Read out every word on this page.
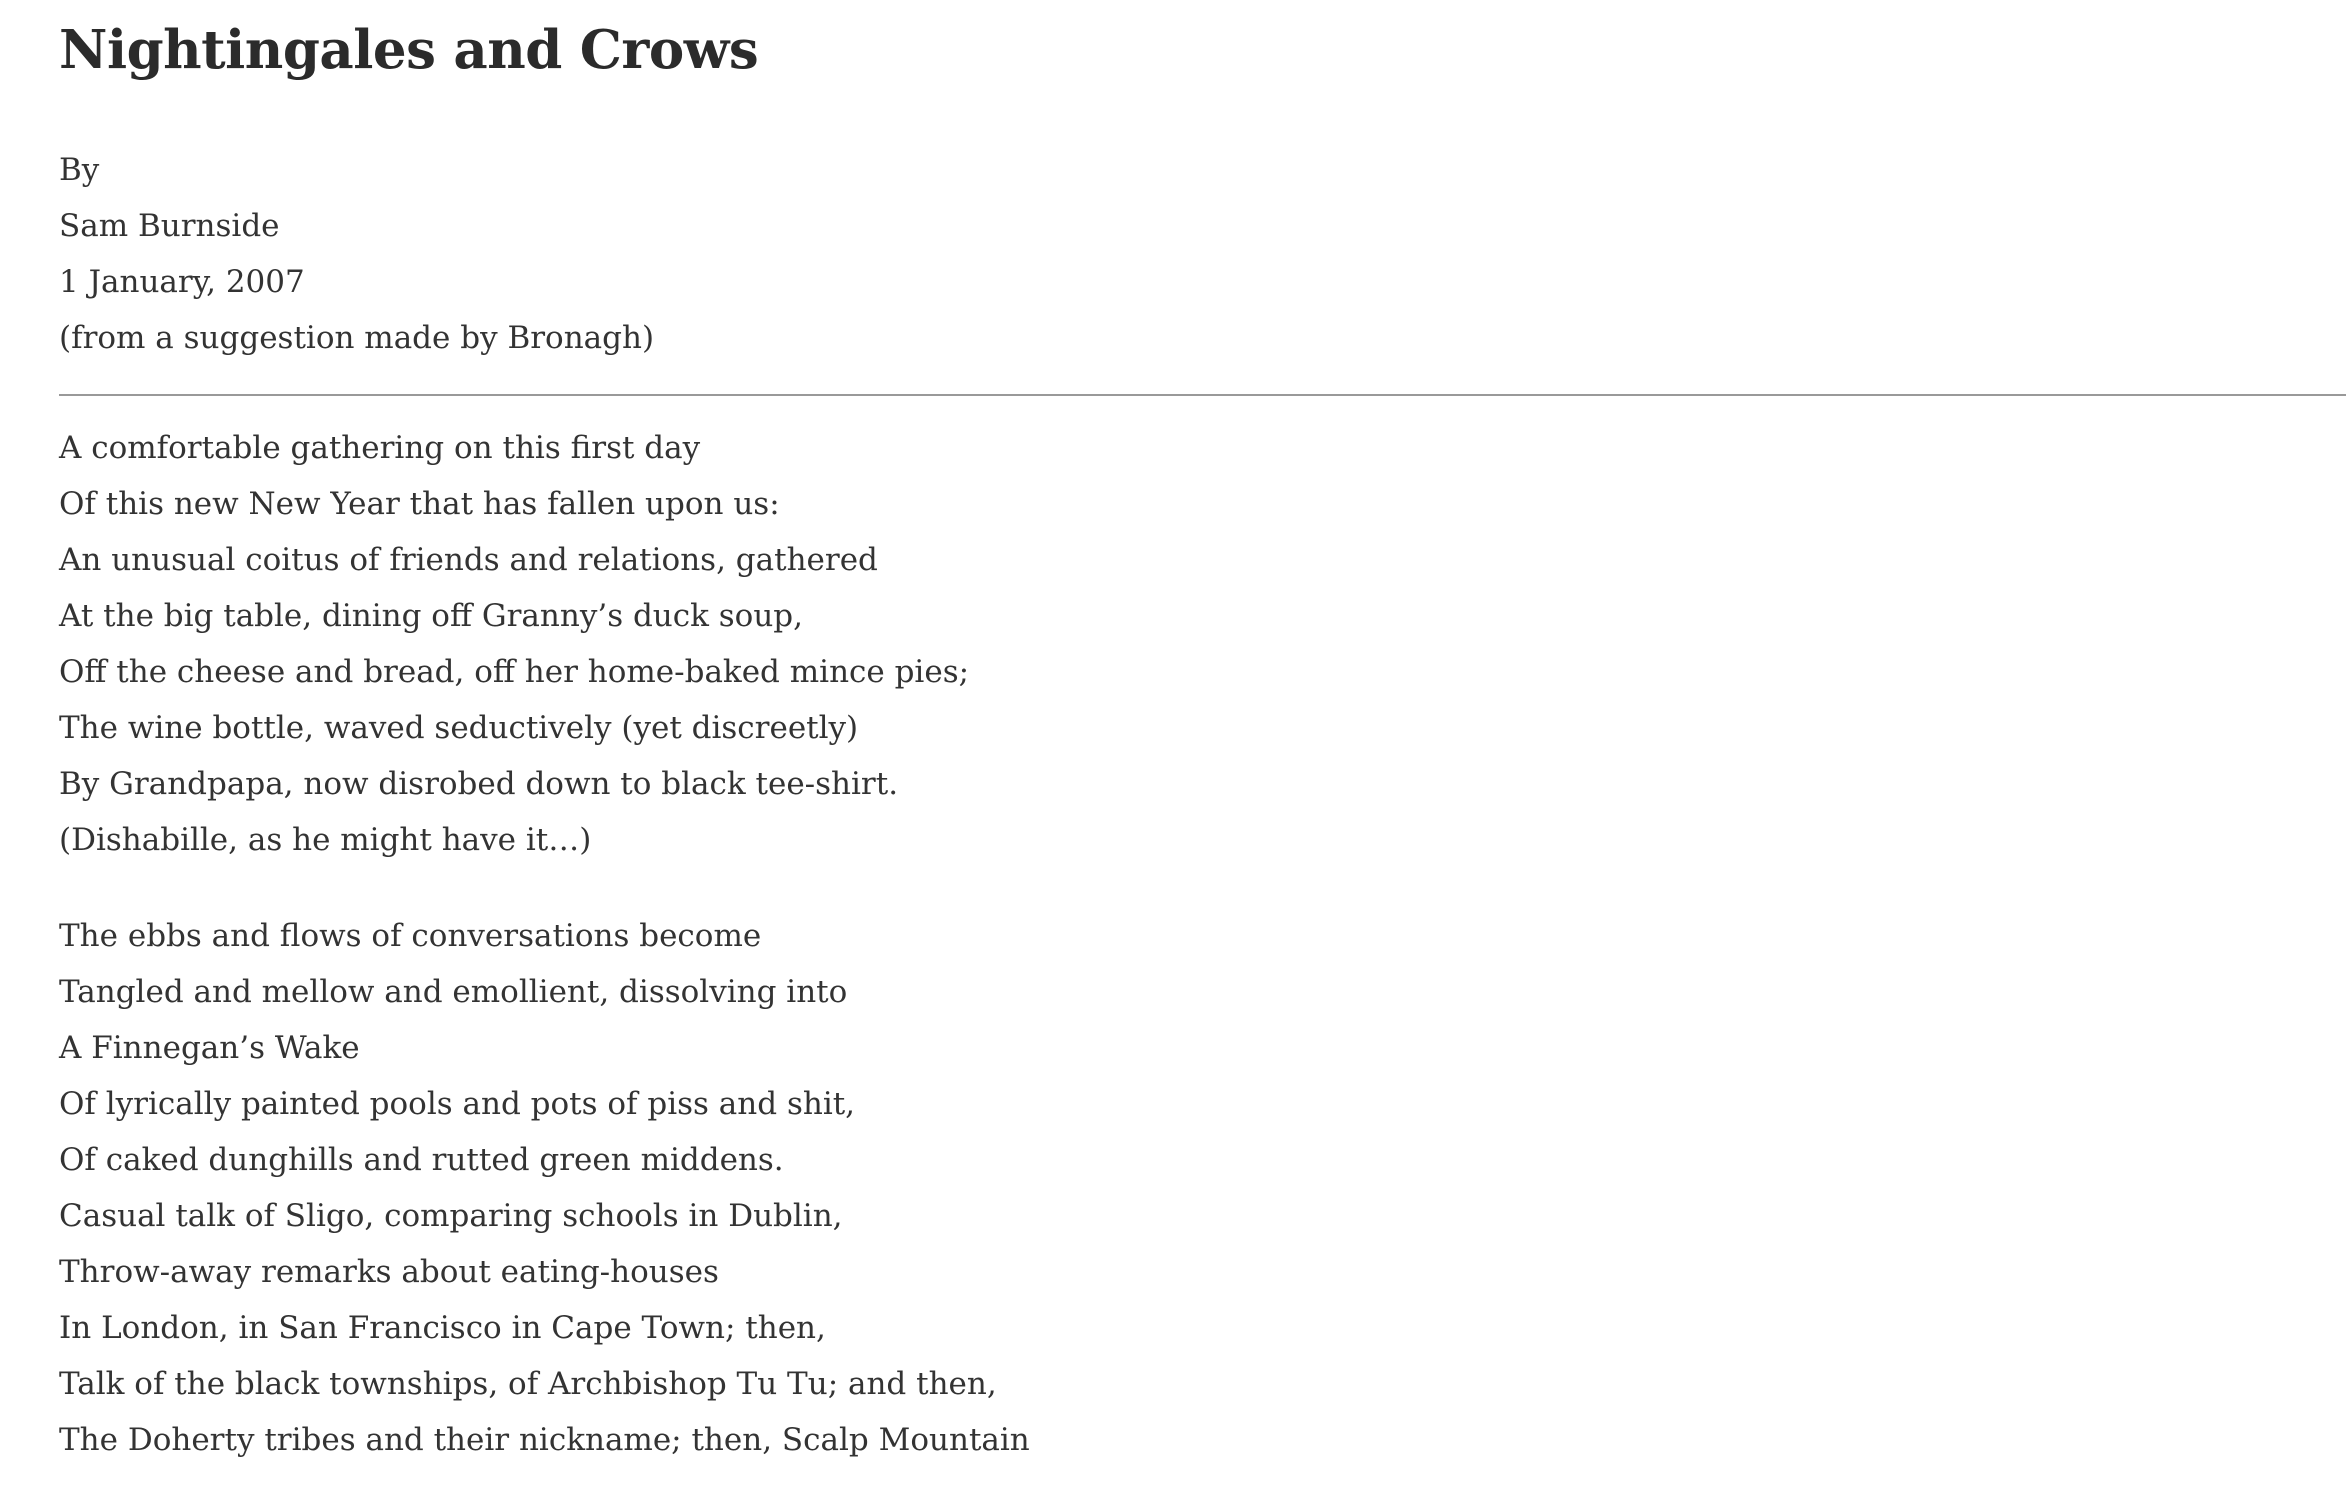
Nightingales and Crows
By
Sam Burnside
1 January, 2007
(from a suggestion made by Bronagh)
A comfortable gathering on this first day
Of this new New Year that has fallen upon us:
An unusual coitus of friends and relations, gathered
At the big table, dining off Granny’s duck soup,
Off the cheese and bread, off her home-baked mince pies;
The wine bottle, waved seductively (yet discreetly)
By Grandpapa, now disrobed down to black tee-shirt.
(Dishabille, as he might have it…)
The ebbs and flows of conversations become
Tangled and mellow and emollient, dissolving into
A Finnegan’s Wake
Of lyrically painted pools and pots of piss and shit,
Of caked dunghills and rutted green middens.
Casual talk of Sligo, comparing schools in Dublin,
Throw-away remarks about eating-houses
In London, in San Francisco in Cape Town; then,
Talk of the black townships, of Archbishop Tu Tu; and then,
The Doherty tribes and their nickname; then, Scalp Mountain
